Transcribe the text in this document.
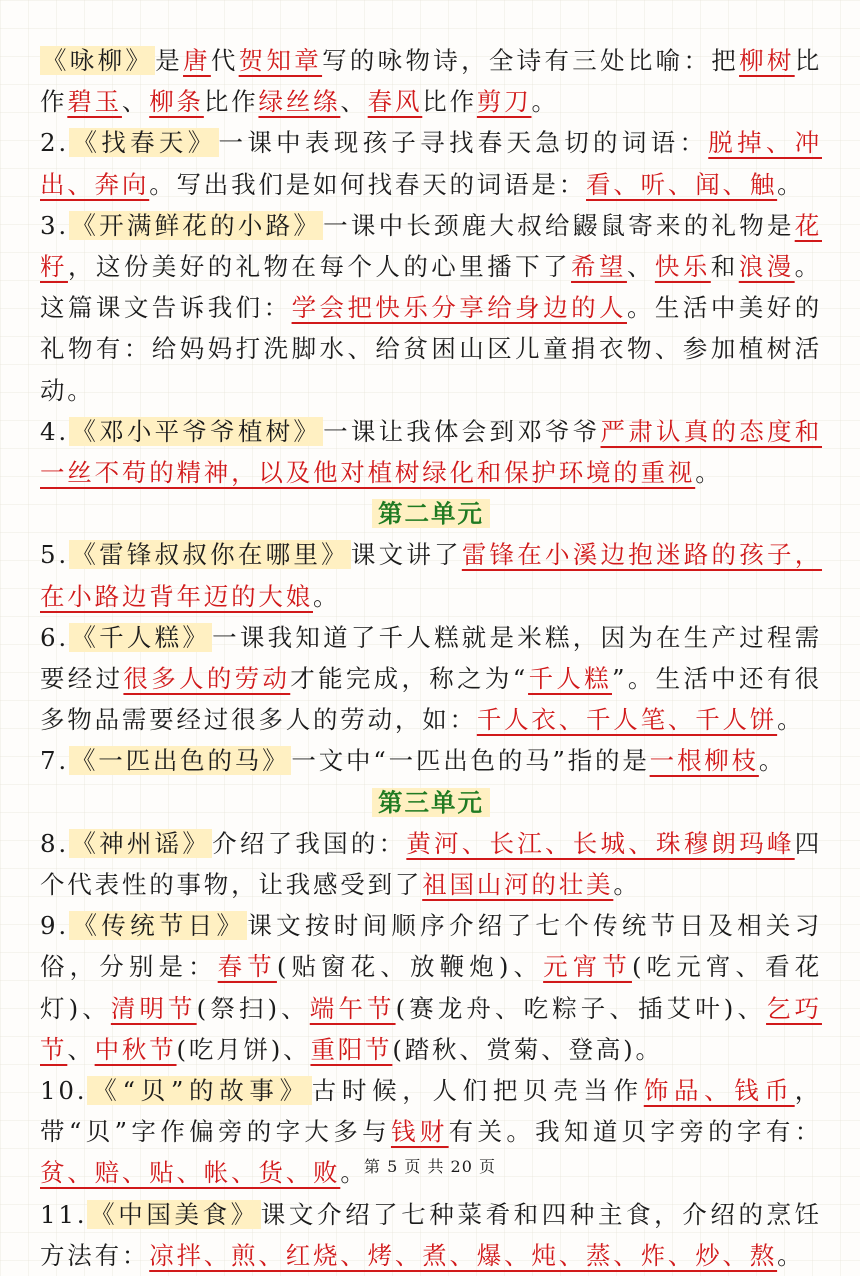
《咏柳》是唐代贺知章写的咏物诗，全诗有三处比喻：把柳树比作碧玉、柳条比作绿丝绦、春风比作剪刀。

2.《找春天》一课中表现孩子寻找春天急切的词语：脱掉、冲出、奔向。写出我们是如何找春天的词语是：看、听、闻、触。

3.《开满鲜花的小路》一课中长颈鹿大叔给鼹鼠寄来的礼物是花籽，这份美好的礼物在每个人的心里播下了希望、快乐和浪漫。这篇课文告诉我们：学会把快乐分享给身边的人。生活中美好的礼物有：给妈妈打洗脚水、给贫困山区儿童捐衣物、参加植树活动。

4.《邓小平爷爷植树》一课让我体会到邓爷爷严肃认真的态度和一丝不苟的精神，以及他对植树绿化和保护环境的重视。

第二单元

5.《雷锋叔叔你在哪里》课文讲了雷锋在小溪边抱迷路的孩子，在小路边背年迈的大娘。

6.《千人糕》一课我知道了千人糕就是米糕，因为在生产过程需要经过很多人的劳动才能完成，称之为“千人糕”。生活中还有很多物品需要经过很多人的劳动，如：千人衣、千人笔、千人饼。

7.《一匹出色的马》一文中“一匹出色的马”指的是一根柳枝。

第三单元

8.《神州谣》介绍了我国的：黄河、长江、长城、珠穆朗玛峰四个代表性的事物，让我感受到了祖国山河的壮美。

9.《传统节日》课文按时间顺序介绍了七个传统节日及相关习俗，分别是：春节(贴窗花、放鞭炮)、元宵节(吃元宵、看花灯)、清明节(祭扫)、端午节(赛龙舟、吃粽子、插艾叶)、乞巧节、中秋节(吃月饼)、重阳节(踏秋、赏菊、登高)。

10.《“贝”的故事》古时候，人们把贝壳当作饰品、钱币，带“贝”字作偏旁的字大多与钱财有关。我知道贝字旁的字有：贫、赔、贴、帐、货、败。

11.《中国美食》课文介绍了七种菜肴和四种主食，介绍的烹饪方法有：凉拌、煎、红烧、烤、煮、爆、炖、蒸、炸、炒、熬。

第 5 页 共 20 页
